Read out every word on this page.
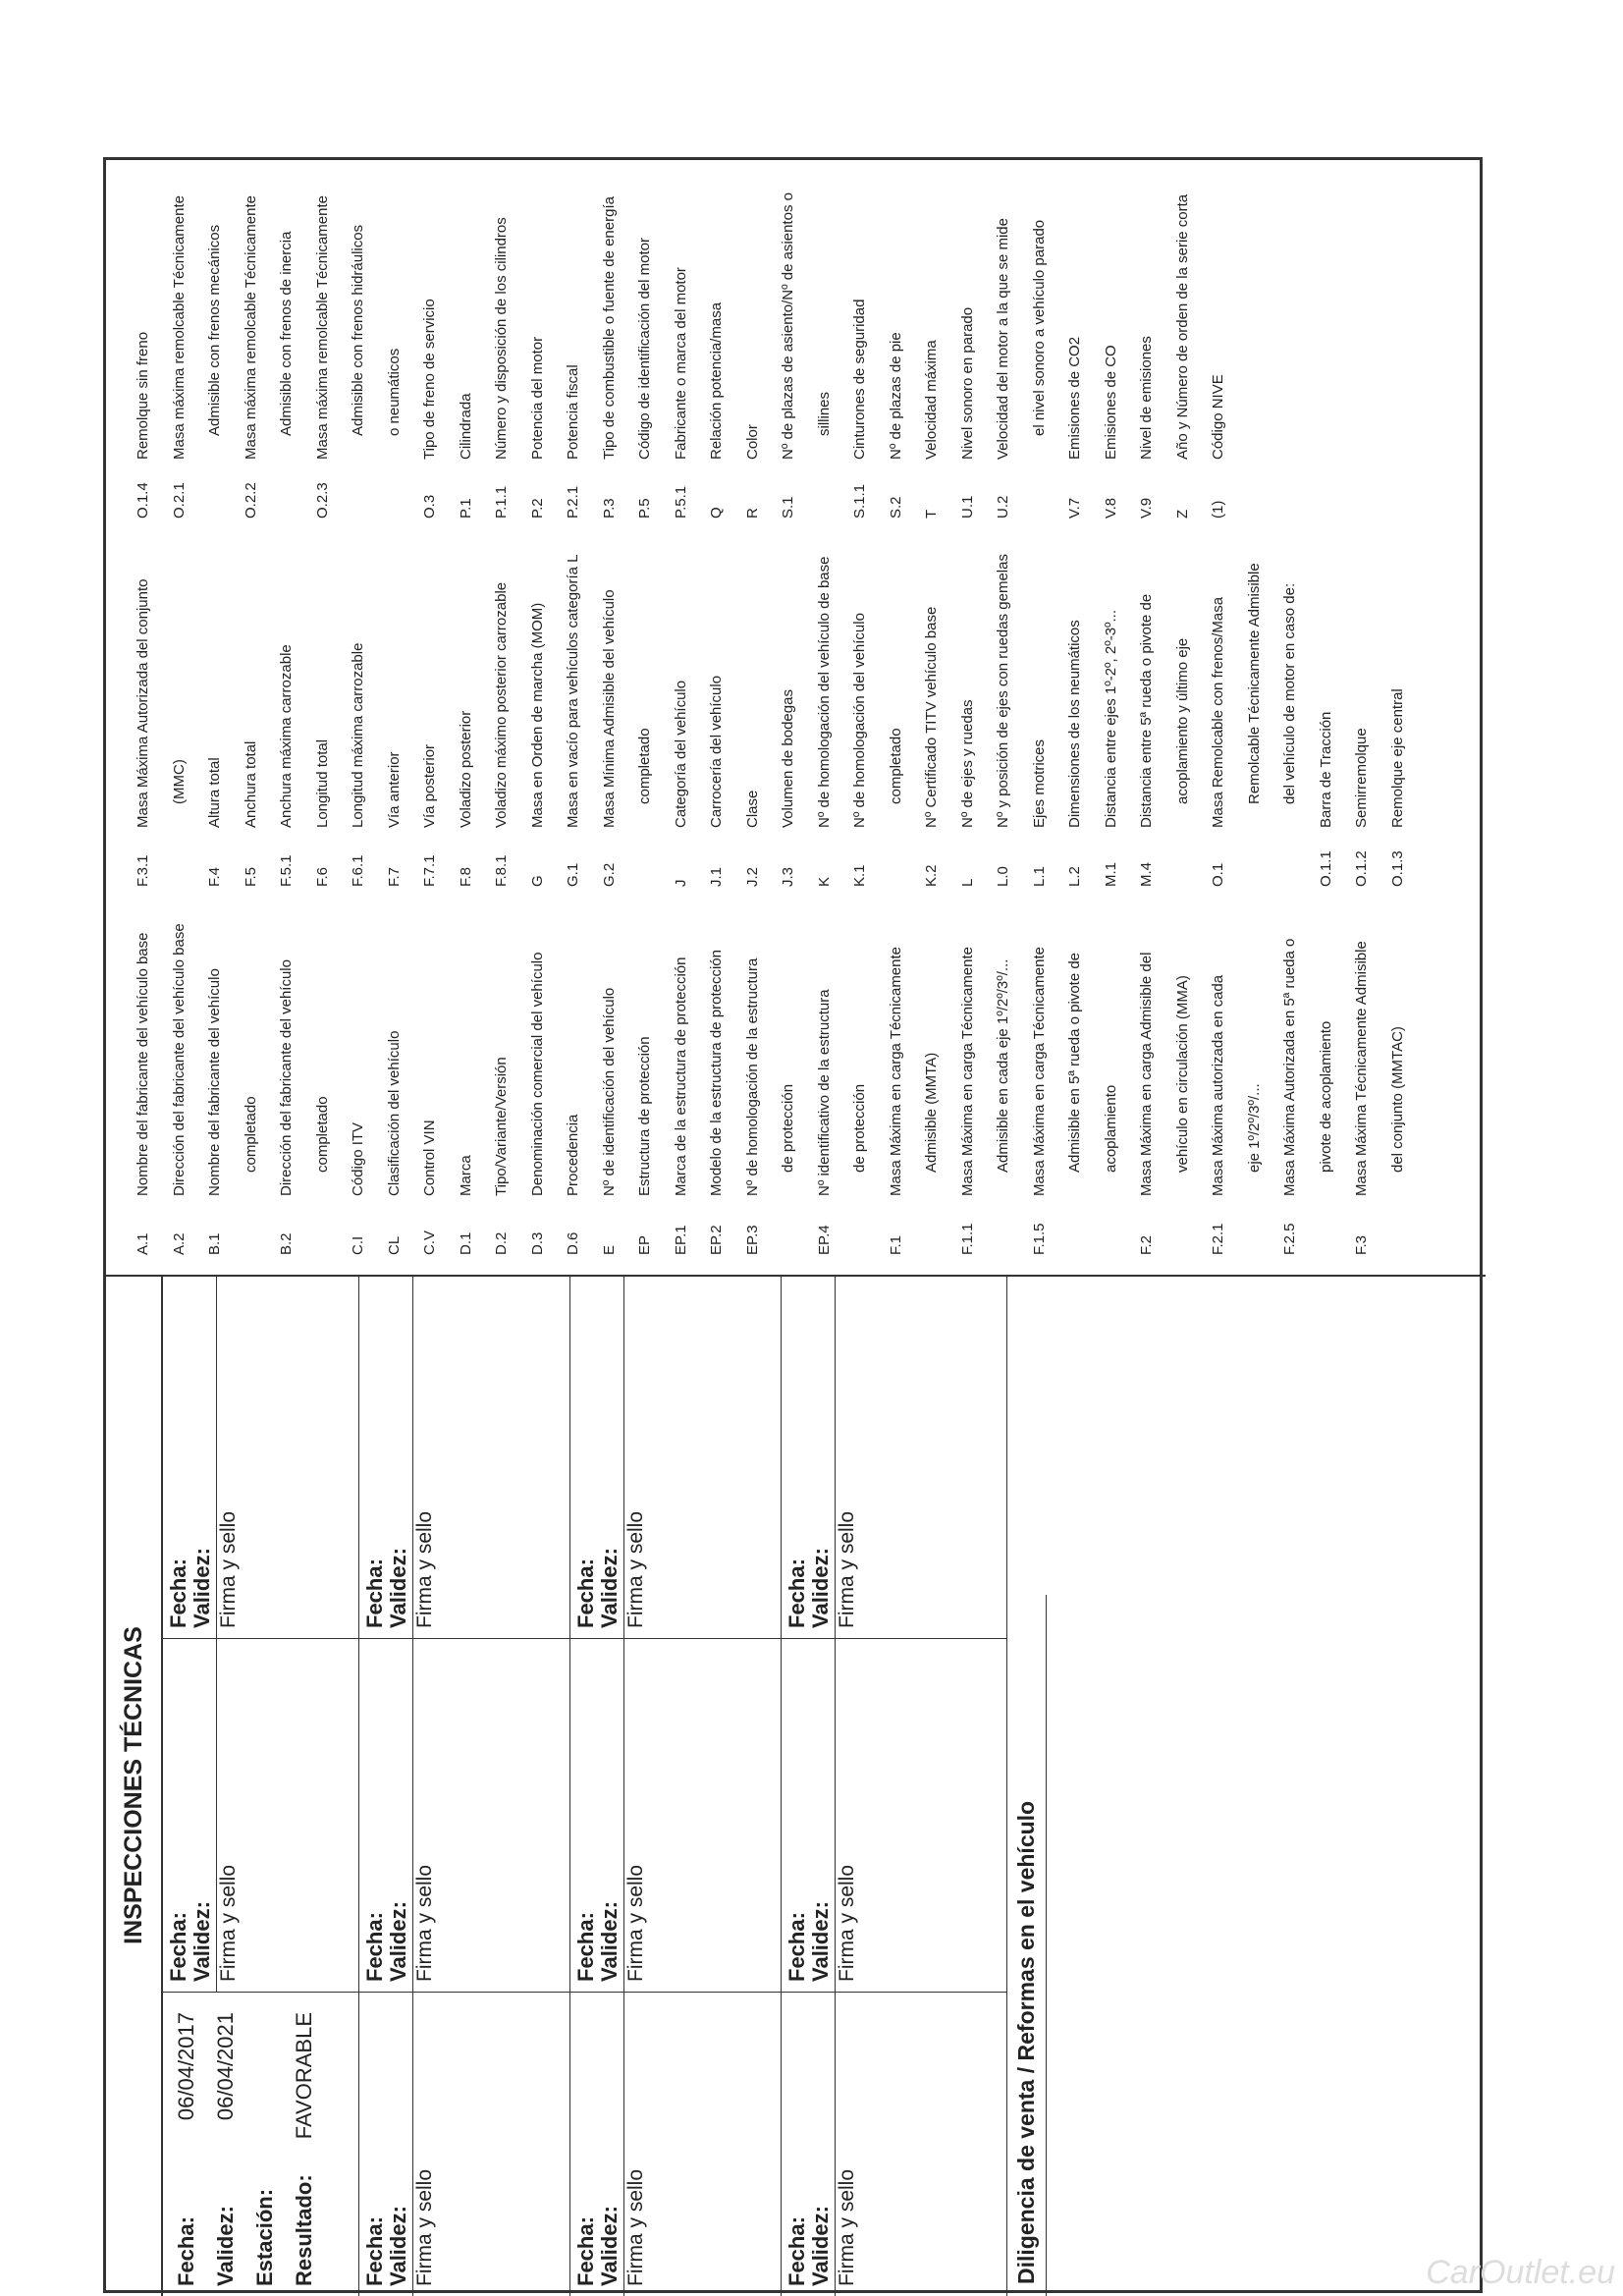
INSPECCIONES TÉCNICAS
Fecha:
06/04/2017
Validez:
06/04/2021
Estación: Resultado:
FAVORABLE
Fecha: Validez: Firma y sello
Fecha: Validez: Firma y sello
Fecha: Validez: Firma y sello
Fecha: Validez: Firma y sello
Fecha: Validez: Firma y sello
Fecha: Validez: Firma y sello
Fecha: Validez: Firma y sello
Fecha: Validez: Firma y sello
Fecha: Validez: Firma y sello
Fecha: Validez: Firma y sello
Fecha: Validez: Firma y sello
Diligencia de venta / Reformas en el vehículo
A.1
Nombre del fabricante del vehículo base
A.2
Dirección del fabricante del vehículo base
B.1
Nombre del fabricante del vehículo	completado
B.2
Dirección del fabricante del vehículo	completado
C.I
Código ITV
CL
Clasificación del vehículo
C.V
Control VIN
D.1
Marca
D.2
Tipo/Variante/Versión
D.3
Denominación comercial del vehículo
D.6
Procedencia
E
Nº de identificación del vehículo
EP
Estructura de protección
EP.1
Marca de la estructura de protección
EP.2
Modelo de la estructura de protección
EP.3
Nº de homologación de la estructura	de protección
EP.4
Nº identificativo de la estructura	de protección
F.1
Masa Máxima en carga Técnicamente	Admisible (MMTA)
F.1.1
Masa Máxima en carga Técnicamente	Admisible en cada eje 1º/2º/3º/...
F.1.5
Masa Máxima en carga Técnicamente	Admisible en 5ª rueda o pivote de	acoplamiento
F.2
Masa Máxima en carga Admisible del	vehículo en circulación (MMA)
F.2.1
Masa Máxima autorizada en cada	eje 1º/2º/3º/...
F.2.5
Masa Máxima Autorizada en 5ª rueda o	pivote de acoplamiento
F.3
Masa Máxima Técnicamente Admisible	del conjunto (MMTAC)
F.3.1
Masa Máxima Autorizada del conjunto	(MMC)
F.4
Altura total
F.5
Anchura total
F.5.1
Anchura máxima carrozable
F.6
Longitud total
F.6.1
Longitud máxima carrozable
F.7
Vía anterior
F.7.1
Vía posterior
F.8
Voladizo posterior
F.8.1
Voladizo máximo posterior carrozable
G
Masa en Orden de marcha (MOM)
G.1
Masa en vacío para vehículos categoría L
G.2
Masa Mínima Admisible del vehículo	completado
J
Categoría del vehículo
J.1
Carrocería del vehículo
J.2
Clase
J.3
Volumen de bodegas
K
Nº de homologación del vehículo de base
K.1
Nº de homologación del vehículo	completado
K.2
Nº Certificado TITV vehículo base
L
Nº de ejes y ruedas
L.0
Nº y posición de ejes con ruedas gemelas
L.1
Ejes motrices
L.2
Dimensiones de los neumáticos
M.1
Distancia entre ejes 1º-2º, 2º-3º...
M.4
Distancia entre 5ª rueda o pivote de	acoplamiento y último eje
O.1
Masa Remolcable con frenos/Masa	Remolcable Técnicamente Admisible	del vehículo de motor en caso de:
O.1.1
Barra de Tracción
O.1.2
Semirremolque
O.1.3
Remolque eje central
O.1.4
Remolque sin freno
O.2.1
Masa máxima remolcable Técnicamente	Admisible con frenos mecánicos
O.2.2
Masa máxima remolcable Técnicamente	Admisible con frenos de inercia
O.2.3
Masa máxima remolcable Técnicamente	Admisible con frenos hidráulicos	o neumáticos
O.3
Tipo de freno de servicio
P.1
Cilindrada
P.1.1
Número y disposición de los cilindros
P.2
Potencia del motor
P.2.1
Potencia fiscal
P.3
Tipo de combustible o fuente de energía
P.5
Código de identificación del motor
P.5.1
Fabricante o marca del motor
Q
Relación potencia/masa
R
Color
S.1
Nº de plazas de asiento/Nº de asientos o	sillines
S.1.1
Cinturones de seguridad
S.2
Nº de plazas de pie
T
Velocidad máxima
U.1
Nivel sonoro en parado
U.2
Velocidad del motor a la que se mide	el nivel sonoro a vehículo parado
V.7
Emisiones de CO2
V.8
Emisiones de CO
V.9
Nivel de emisiones
Z
Año y Número de orden de la serie corta
(1)
Código NIVE
CarOutlet.eu
